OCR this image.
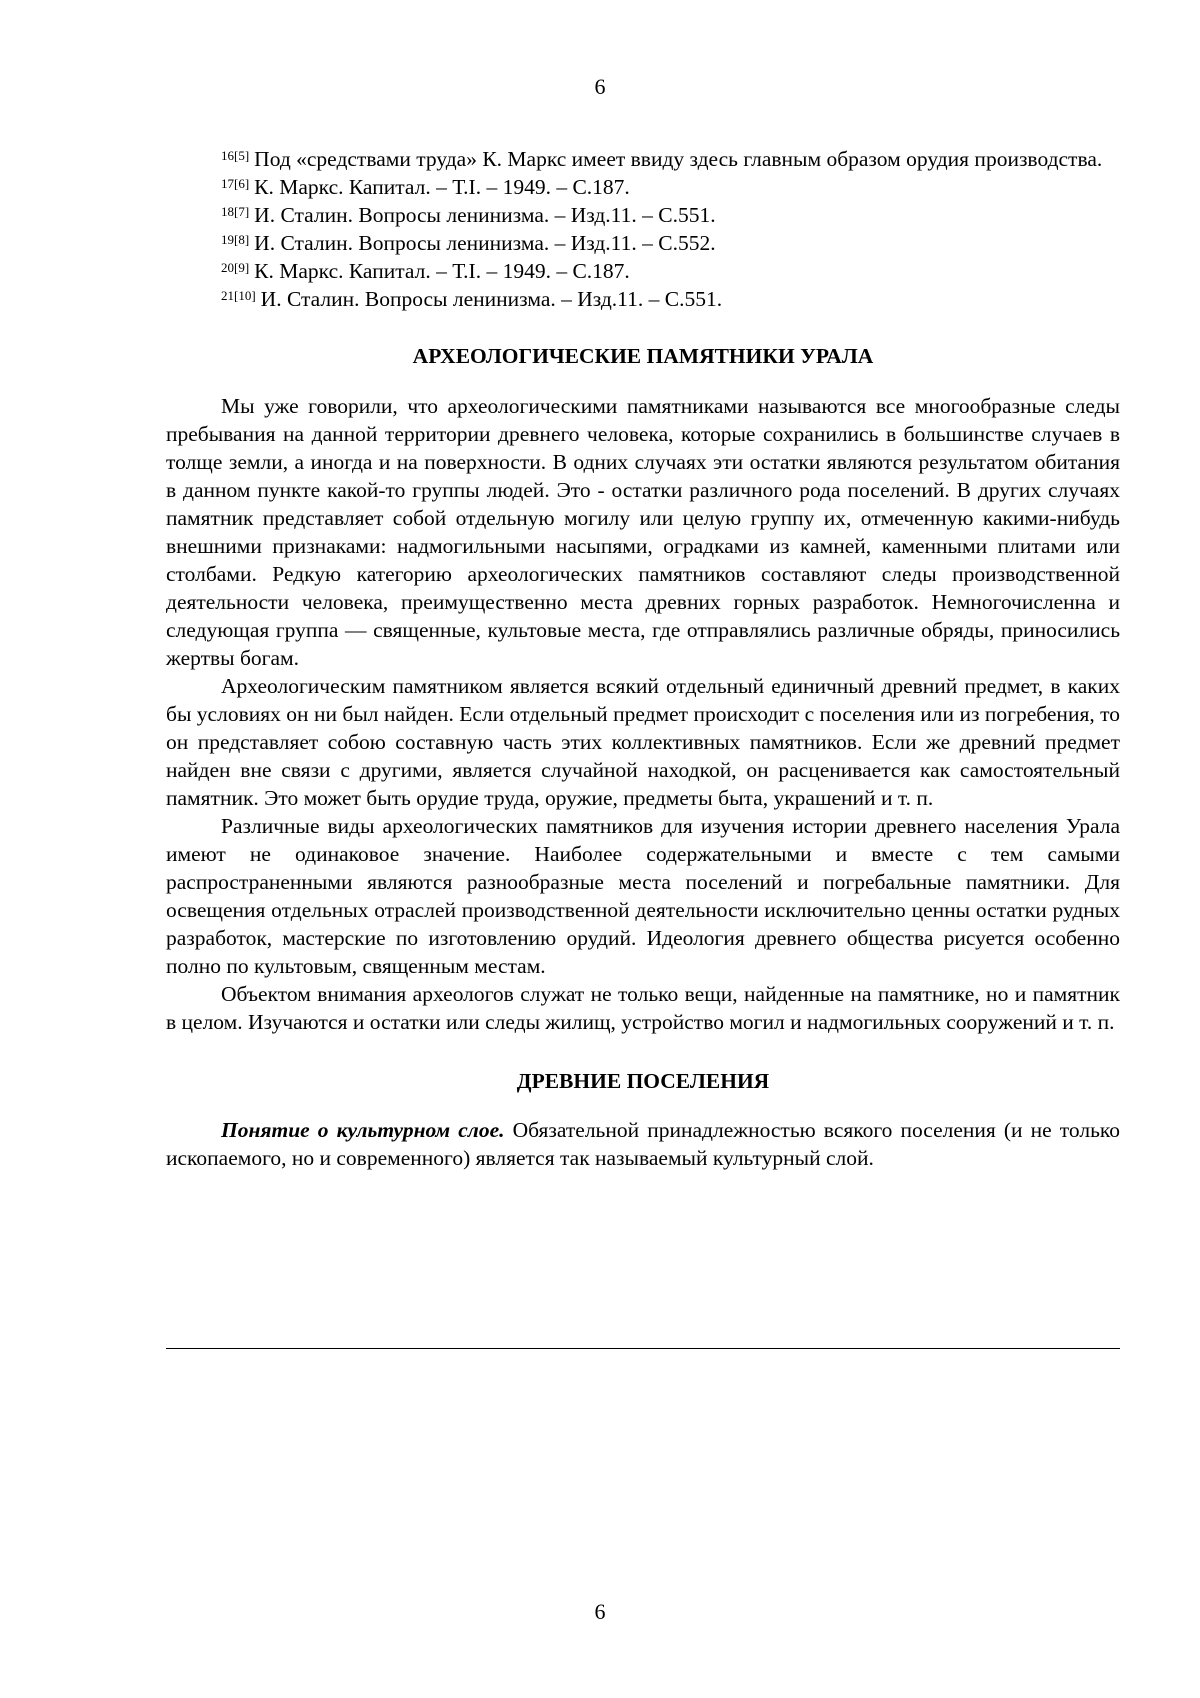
6

$^{16[5]}$ Под «средствами труда» К. Маркс имеет ввиду здесь главным образом орудия производства.

$^{17[6]}$ К. Маркс. Капитал. – Т.I. – 1949. – С.187.

$^{18[7]}$ И. Сталин. Вопросы ленинизма. – Изд.11. – С.551.

$^{19[8]}$ И. Сталин. Вопросы ленинизма. – Изд.11. – С.552.

$^{20[9]}$ К. Маркс. Капитал. – Т.I. – 1949. – С.187.

$^{21[10]}$ И. Сталин. Вопросы ленинизма. – Изд.11. – С.551.

АРХЕОЛОГИЧЕСКИЕ ПАМЯТНИКИ УРАЛА

Мы уже говорили, что археологическими памятниками называются все многообразные следы пребывания на данной территории древнего человека, которые сохранились в большинстве случаев в толще земли, а иногда и на поверхности. В одних случаях эти остатки являются результатом обитания в данном пункте какой-то группы людей. Это - остатки различного рода поселений. В других случаях памятник представляет собой отдельную могилу или целую группу их, отмеченную какими-нибудь внешними признаками: надмогильными насыпями, оградками из камней, каменными плитами или столбами. Редкую категорию археологических памятников составляют следы производственной деятельности человека, преимущественно места древних горных разработок. Немногочисленна и следующая группа — священные, культовые места, где отправлялись различные обряды, приносились жертвы богам.

Археологическим памятником является всякий отдельный единичный древний предмет, в каких бы условиях он ни был найден. Если отдельный предмет происходит с поселения или из погребения, то он представляет собою составную часть этих коллективных памятников. Если же древний предмет найден вне связи с другими, является случайной находкой, он расценивается как самостоятельный памятник. Это может быть орудие труда, оружие, предметы быта, украшений и т. п.

Различные виды археологических памятников для изучения истории древнего населения Урала имеют не одинаковое значение. Наиболее содержательными и вместе с тем самыми распространенными являются разнообразные места поселений и погребальные памятники. Для освещения отдельных отраслей производственной деятельности исключительно ценны остатки рудных разработок, мастерские по изготовлению орудий. Идеология древнего общества рисуется особенно полно по культовым, священным местам.

Объектом внимания археологов служат не только вещи, найденные на памятнике, но и памятник в целом. Изучаются и остатки или следы жилищ, устройство могил и надмогильных сооружений и т. п.

ДРЕВНИЕ ПОСЕЛЕНИЯ

Понятие о культурном слое. Обязательной принадлежностью всякого поселения (и не только ископаемого, но и современного) является так называемый культурный слой.

6
